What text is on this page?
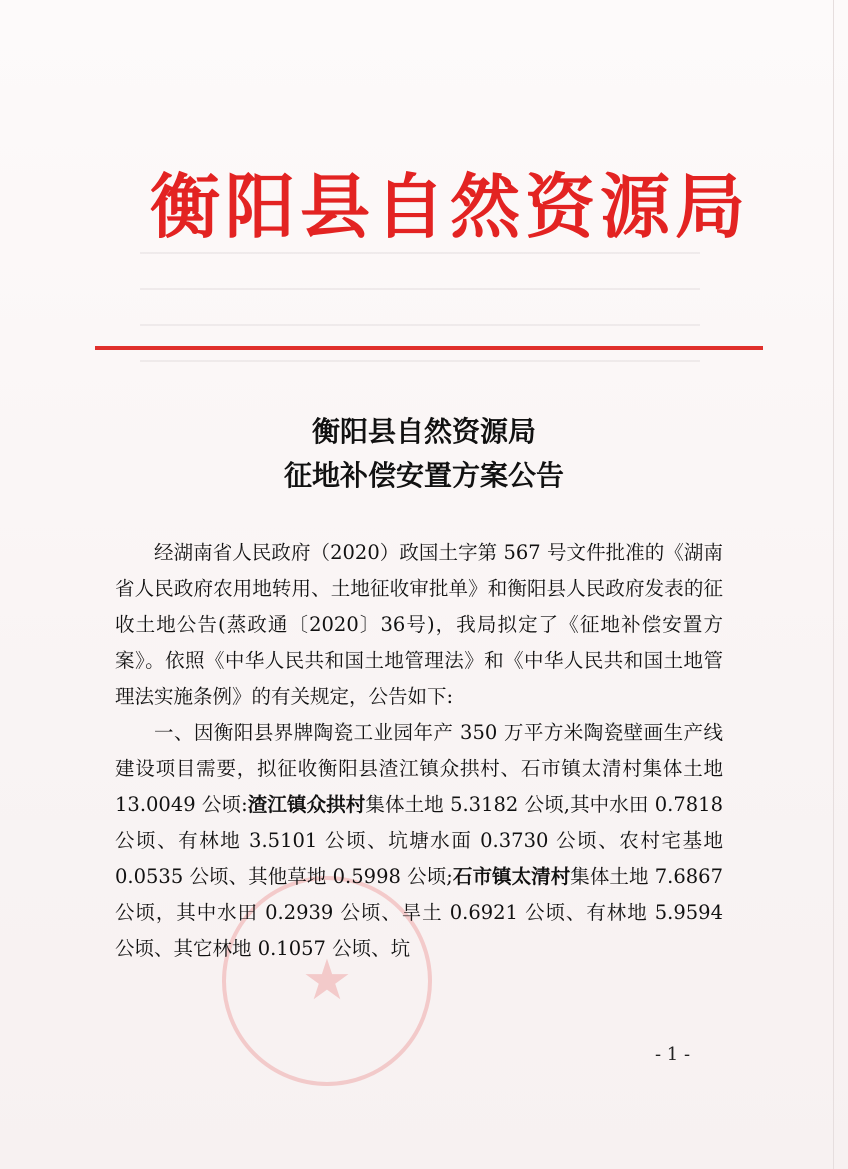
衡阳县自然资源局
衡阳县自然资源局
征地补偿安置方案公告
★

经湖南省人民政府（2020）政国土字第 567 号文件批准的《湖南省人民政府农用地转用、土地征收审批单》和衡阳县人民政府发表的征收土地公告(蒸政通〔2020〕36号)，我局拟定了《征地补偿安置方案》。依照《中华人民共和国土地管理法》和《中华人民共和国土地管理法实施条例》的有关规定，公告如下:

一、因衡阳县界牌陶瓷工业园年产 350 万平方米陶瓷壁画生产线建设项目需要，拟征收衡阳县渣江镇众拱村、石市镇太清村集体土地 13.0049 公顷:渣江镇众拱村集体土地 5.3182 公顷,其中水田 0.7818 公顷、有林地 3.5101 公顷、坑塘水面 0.3730 公顷、农村宅基地 0.0535 公顷、其他草地 0.5998 公顷;石市镇太清村集体土地 7.6867 公顷，其中水田 0.2939 公顷、旱土 0.6921 公顷、有林地 5.9594 公顷、其它林地 0.1057 公顷、坑

- 1 -
